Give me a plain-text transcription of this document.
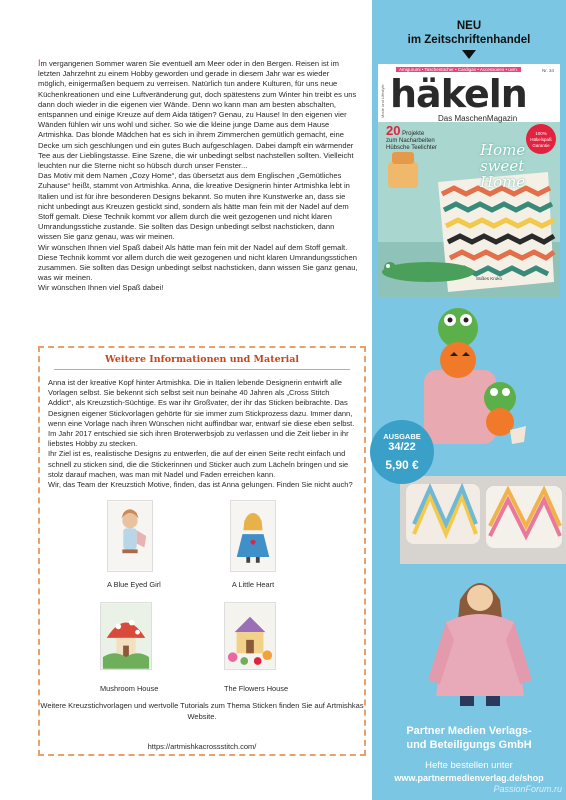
Im vergangenen Sommer waren Sie eventuell am Meer oder in den Bergen. Reisen ist im letzten Jahrzehnt zu einem Hobby geworden und gerade in diesem Jahr war es wieder möglich, einigermaßen bequem zu verreisen. Natürlich tun andere Kulturen, für uns neue Küchenkreationen und eine Luftveränderung gut, doch spätestens zum Winter hin treibt es uns dann doch wieder in die eigenen vier Wände. Denn wo kann man am besten abschalten, entspannen und einige Kreuze auf dem Aida tätigen? Genau, zu Hause! In den eigenen vier Wänden fühlen wir uns wohl und sicher. So wie die kleine junge Dame aus dem Hause Artmishka. Das blonde Mädchen hat es sich in ihrem Zimmerchen gemütlich gemacht, eine Decke um sich geschlungen und ein gutes Buch aufgeschlagen. Dabei dampft ein wärmender Tee aus der Lieblingstasse. Eine Szene, die wir unbedingt selbst nachstellen sollten. Vielleicht leuchten nur die Sterne nicht so hübsch durch unser Fenster...

Das Motiv mit dem Namen „Cozy Home“, das übersetzt aus dem Englischen „Gemütliches Zuhause“ heißt, stammt von Artmishka. Anna, die kreative Designerin hinter Artmishka lebt in Italien und ist für ihre besonderen Designs bekannt. So muten ihre Kunstwerke an, dass sie nicht unbedingt aus Kreuzen gestickt sind, sondern als hätte man fein mit der Nadel auf dem Stoff gemalt. Diese Technik kommt vor allem durch die weit gezogenen und nicht klaren Umrandungsstiche zustande. Sie sollten das Design unbedingt selbst nachsticken, dann wissen Sie ganz genau, was wir meinen.

Wir wünschen Ihnen viel Spaß dabei! Als hätte man fein mit der Nadel auf dem Stoff gemalt. Diese Technik kommt vor allem durch die weit gezogenen und nicht klaren Umrandungsstichen zusammen. Sie sollten das Design unbedingt selbst nachsticken, dann wissen Sie ganz genau, was wir meinen.

Wir wünschen Ihnen viel Spaß dabei!

Weitere Informationen und Material

Anna ist der kreative Kopf hinter Artmishka. Die in Italien lebende Designerin entwirft alle Vorlagen selbst. Sie bekennt sich selbst seit nun beinahe 40 Jahren als „Cross Stitch Addict“, als Kreuzstich-Süchtige. Es war ihr Großvater, der ihr das Sticken beibrachte. Das Designen eigener Stickvorlagen gehörte für sie immer zum Stickprozess dazu. Immer dann, wenn eine Vorlage nach ihren Wünschen nicht auffindbar war, entwarf sie diese eben selbst. Im Jahr 2017 entschied sie sich ihren Broterwerbsjob zu verlassen und die Zeit lieber in ihr liebstes Hobby zu stecken.

Ihr Ziel ist es, realistische Designs zu entwerfen, die auf der einen Seite recht einfach und schnell zu sticken sind, die die Stickerinnen und Sticker auch zum Lächeln bringen und sie stolz darauf machen, was man mit Nadel und Faden erreichen kann.

Wir, das Team der Kreuzstich Motive, finden, das ist Anna gelungen. Finden Sie nicht auch?

A Blue Eyed Girl	A Little Heart
Mushroom House	The Flowers House
Weitere Kreuzstichvorlagen und wertvolle Tutorials zum Thema Sticken finden Sie auf Artmishkas Website.
https://artmishkacrossstitch.com/
NEU
im Zeitschriftenhandel
Amigurumi • Taschentücher • Cardigan • Accessoires • uvm.
Mode und Lifestyle
Nr. 34
häkeln
Das MaschenMagazin
20 Projekte
zum Nacharbeiten
Hübsche Teelichter	Home
sweet Home
100% Häkelspaß Garantie
Süßes Kroko
Partner Medien Verlags-
und Beteiligungs GmbH
Hefte bestellen unter
www.partnermedienverlag.de/shop
PassionForum.ru
AUSGABE
34/22
5,90 €
